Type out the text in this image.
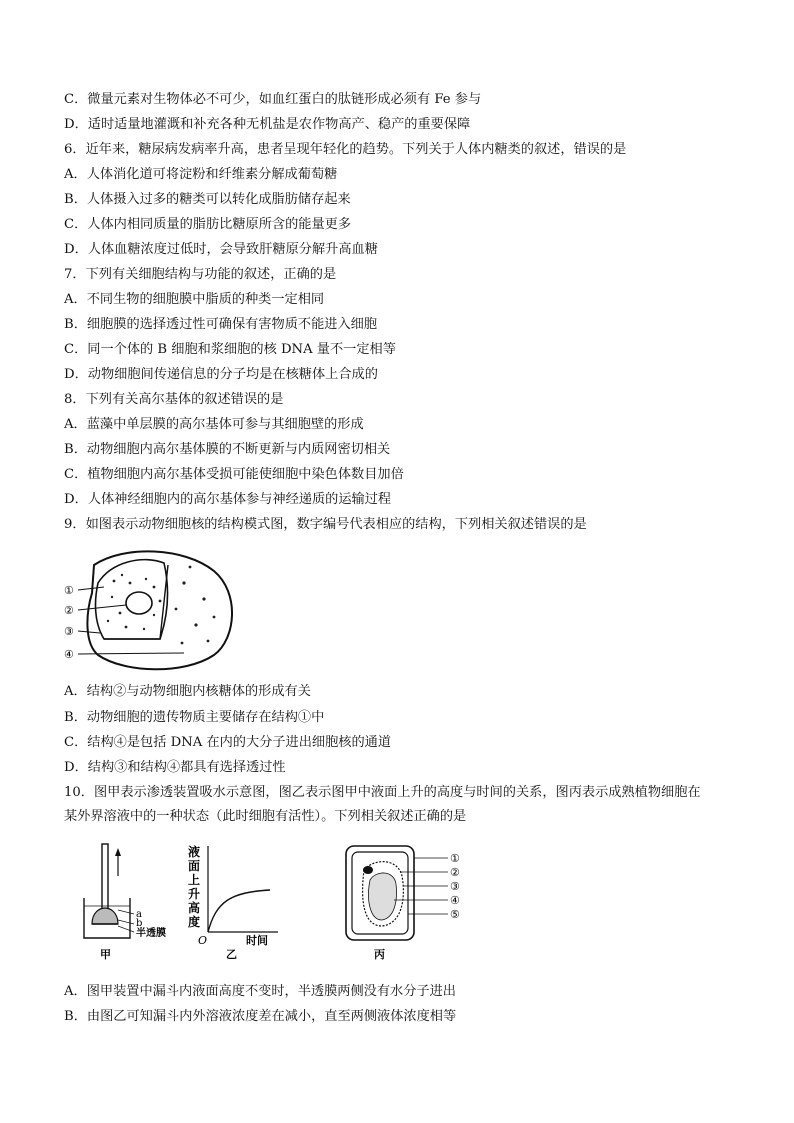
C．微量元素对生物体必不可少，如血红蛋白的肽链形成必须有 Fe 参与
D．适时适量地灌溉和补充各种无机盐是农作物高产、稳产的重要保障
6．近年来，糖尿病发病率升高，患者呈现年轻化的趋势。下列关于人体内糖类的叙述，错误的是
A．人体消化道可将淀粉和纤维素分解成葡萄糖
B．人体摄入过多的糖类可以转化成脂肪储存起来
C．人体内相同质量的脂肪比糖原所含的能量更多
D．人体血糖浓度过低时，会导致肝糖原分解升高血糖
7．下列有关细胞结构与功能的叙述，正确的是
A．不同生物的细胞膜中脂质的种类一定相同
B．细胞膜的选择透过性可确保有害物质不能进入细胞
C．同一个体的 B 细胞和浆细胞的核 DNA 量不一定相等
D．动物细胞间传递信息的分子均是在核糖体上合成的
8．下列有关高尔基体的叙述错误的是
A．蓝藻中单层膜的高尔基体可参与其细胞壁的形成
B．动物细胞内高尔基体膜的不断更新与内质网密切相关
C．植物细胞内高尔基体受损可能使细胞中染色体数目加倍
D．人体神经细胞内的高尔基体参与神经递质的运输过程
9．如图表示动物细胞核的结构模式图，数字编号代表相应的结构，下列相关叙述错误的是
①
②
③
④
A．结构②与动物细胞内核糖体的形成有关
B．动物细胞的遗传物质主要储存在结构①中
C．结构④是包括 DNA 在内的大分子进出细胞核的通道
D．结构③和结构④都具有选择透过性
10．图甲表示渗透装置吸水示意图，图乙表示图甲中液面上升的高度与时间的关系，图丙表示成熟植物细胞在
某外界溶液中的一种状态（此时细胞有活性）。下列相关叙述正确的是
a
b
半透膜
甲
液
面
上
升
高
度
O	时间
乙
①
②
③
④
⑤
丙
A．图甲装置中漏斗内液面高度不变时，半透膜两侧没有水分子进出
B．由图乙可知漏斗内外溶液浓度差在减小，直至两侧液体浓度相等
